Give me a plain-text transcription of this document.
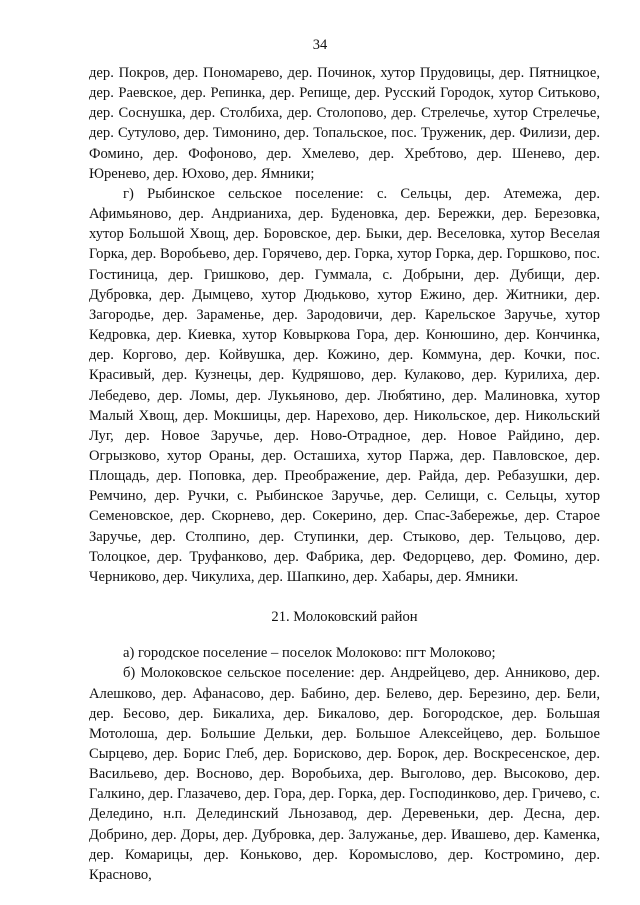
34

дер. Покров, дер. Пономарево, дер. Починок, хутор Прудовицы, дер. Пятницкое, дер. Раевское, дер. Репинка, дер. Репище, дер. Русский Городок, хутор Ситьково, дер. Соснушка, дер. Столбиха, дер. Столопово, дер. Стрелечье, хутор Стрелечье, дер. Сутулово, дер. Тимонино, дер. Топальское, пос. Труженик, дер. Филизи, дер. Фомино, дер. Фофоново, дер. Хмелево, дер. Хребтово, дер. Шенево, дер. Юренево, дер. Юхово, дер. Ямники;

г) Рыбинское сельское поселение: с. Сельцы, дер. Атемежа, дер. Афимьяново, дер. Андрианиха, дер. Буденовка, дер. Бережки, дер. Березовка, хутор Большой Хвощ, дер. Боровское, дер. Быки, дер. Веселовка, хутор Веселая Горка, дер. Воробьево, дер. Горячево, дер. Горка, хутор Горка, дер. Горшково, пос. Гостиница, дер. Гришково, дер. Гуммала, с. Добрыни, дер. Дубищи, дер. Дубровка, дер. Дымцево, хутор Дюдьково, хутор Ежино, дер. Житники, дер. Загородье, дер. Зараменье, дер. Зародовичи, дер. Карельское Заручье, хутор Кедровка, дер. Киевка, хутор Ковыркова Гора, дер. Конюшино, дер. Кончинка, дер. Коргово, дер. Койвушка, дер. Кожино, дер. Коммуна, дер. Кочки, пос. Красивый, дер. Кузнецы, дер. Кудряшово, дер. Кулаково, дер. Курилиха, дер. Лебедево, дер. Ломы, дер. Лукьяново, дер. Любятино, дер. Малиновка, хутор Малый Хвощ, дер. Мокшицы, дер. Нарехово, дер. Никольское, дер. Никольский Луг, дер. Новое Заручье, дер. Ново-Отрадное, дер. Новое Райдино, дер. Огрызково, хутор Ораны, дер. Осташиха, хутор Паржа, дер. Павловское, дер. Площадь, дер. Поповка, дер. Преображение, дер. Райда, дер. Ребазушки, дер. Ремчино, дер. Ручки, с. Рыбинское Заручье, дер. Селищи, с. Сельцы, хутор Семеновское, дер. Скорнево, дер. Сокерино, дер. Спас-Забережье, дер. Старое Заручье, дер. Столпино, дер. Ступинки, дер. Стыково, дер. Тельцово, дер. Толоцкое, дер. Труфанково, дер. Фабрика, дер. Федорцево, дер. Фомино, дер. Черниково, дер. Чикулиха, дер. Шапкино, дер. Хабары, дер. Ямники.

21. Молоковский район

а) городское поселение – поселок Молоково: пгт Молоково;

б) Молоковское сельское поселение: дер. Андрейцево, дер. Анниково, дер. Алешково, дер. Афанасово, дер. Бабино, дер. Белево, дер. Березино, дер. Бели, дер. Бесово, дер. Бикалиха, дер. Бикалово, дер. Богородское, дер. Большая Мотолоша, дер. Большие Дельки, дер. Большое Алексейцево, дер. Большое Сырцево, дер. Борис Глеб, дер. Борисково, дер. Борок, дер. Воскресенское, дер. Васильево, дер. Восново, дер. Воробьиха, дер. Выголово, дер. Высоково, дер. Галкино, дер. Глазачево, дер. Гора, дер. Горка, дер. Господинково, дер. Гричево, с. Деледино, н.п. Делединский Льнозавод, дер. Деревеньки, дер. Десна, дер. Добрино, дер. Доры, дер. Дубровка, дер. Залужанье, дер. Ивашево, дер. Каменка, дер. Комарицы, дер. Коньково, дер. Коромыслово, дер. Костромино, дер. Красново,
